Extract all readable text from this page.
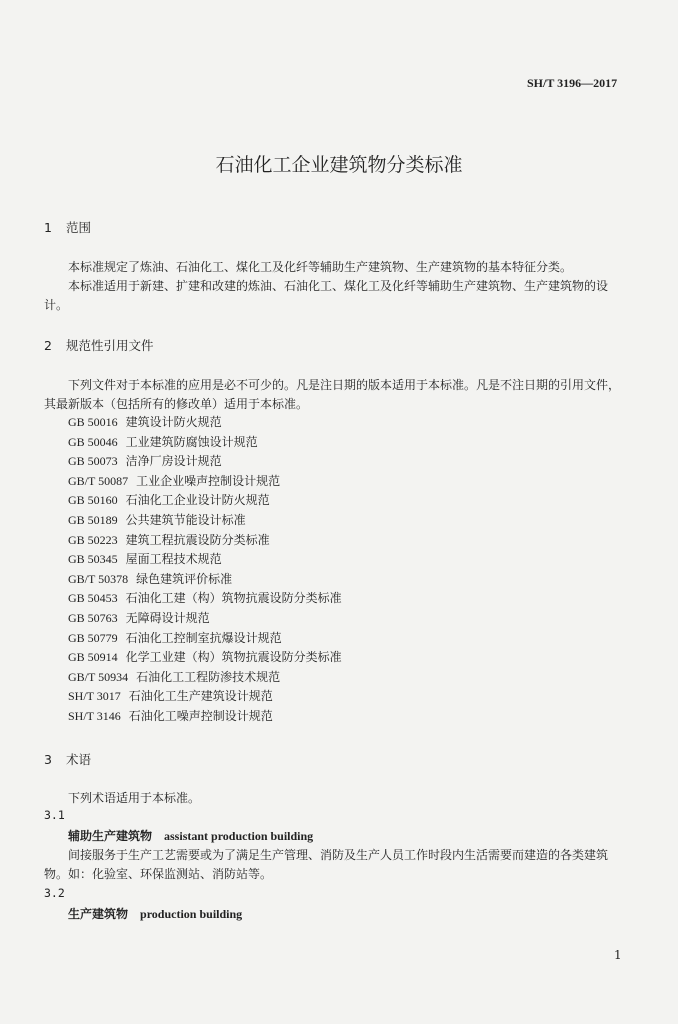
SH/T 3196—2017
石油化工企业建筑物分类标准
1 范围
本标准规定了炼油、石油化工、煤化工及化纤等辅助生产建筑物、生产建筑物的基本特征分类。
本标准适用于新建、扩建和改建的炼油、石油化工、煤化工及化纤等辅助生产建筑物、生产建筑物的设计。
2 规范性引用文件
下列文件对于本标准的应用是必不可少的。凡是注日期的版本适用于本标准。凡是不注日期的引用文件，其最新版本（包括所有的修改单）适用于本标准。
GB 50016 建筑设计防火规范
GB 50046 工业建筑防腐蚀设计规范
GB 50073 洁净厂房设计规范
GB/T 50087 工业企业噪声控制设计规范
GB 50160 石油化工企业设计防火规范
GB 50189 公共建筑节能设计标准
GB 50223 建筑工程抗震设防分类标准
GB 50345 屋面工程技术规范
GB/T 50378 绿色建筑评价标准
GB 50453 石油化工建（构）筑物抗震设防分类标准
GB 50763 无障碍设计规范
GB 50779 石油化工控制室抗爆设计规范
GB 50914 化学工业建（构）筑物抗震设防分类标准
GB/T 50934 石油化工工程防渗技术规范
SH/T 3017 石油化工生产建筑设计规范
SH/T 3146 石油化工噪声控制设计规范
3 术语
下列术语适用于本标准。
3.1
辅助生产建筑物 assistant production building
间接服务于生产工艺需要或为了满足生产管理、消防及生产人员工作时段内生活需要而建造的各类建筑物。如：化验室、环保监测站、消防站等。
3.2
生产建筑物 production building
1
